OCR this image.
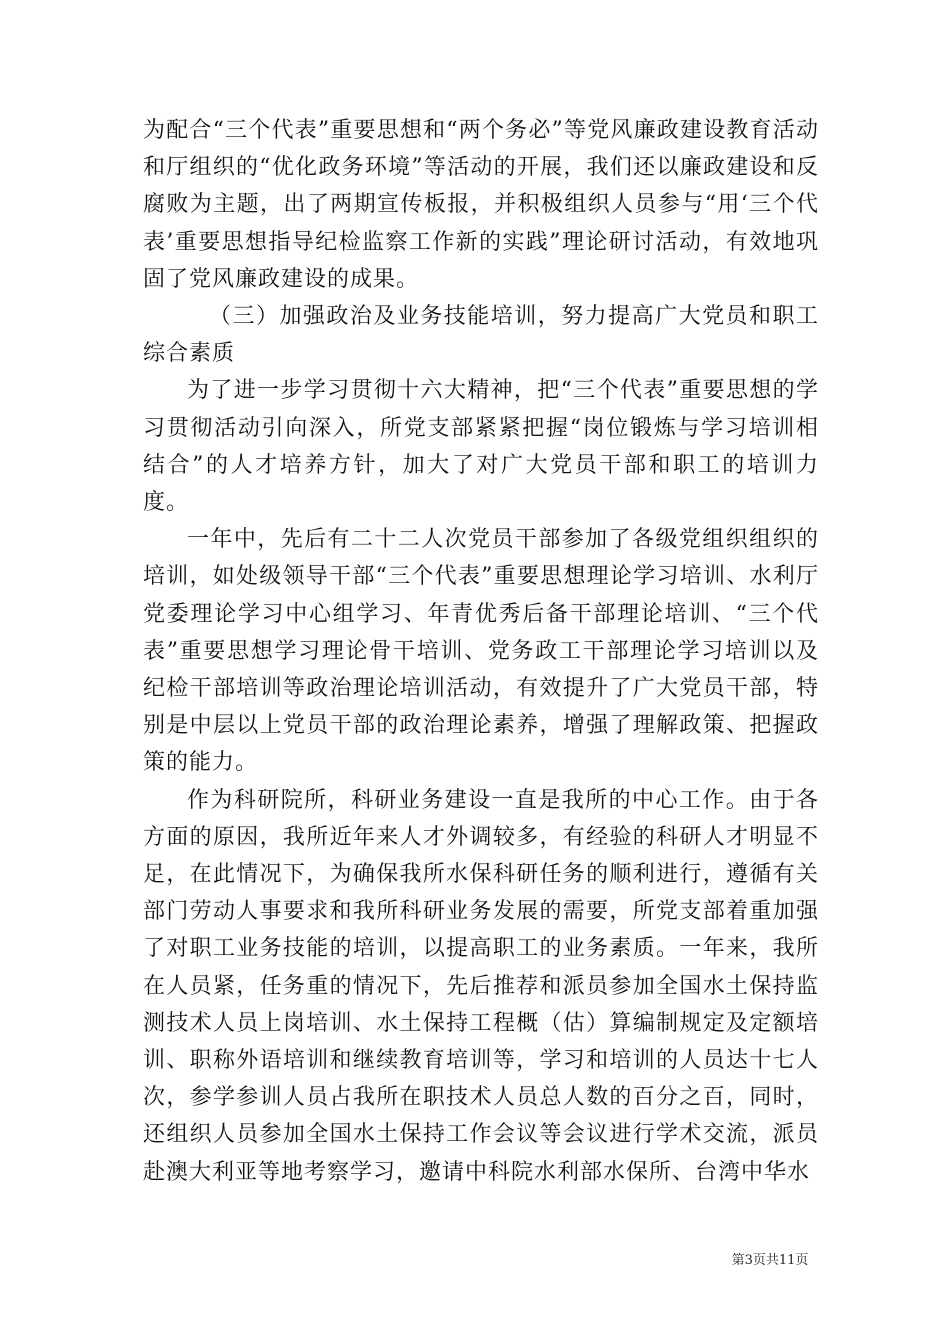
为配合“三个代表”重要思想和“两个务必”等党风廉政建设教育活动和厅组织的“优化政务环境”等活动的开展，我们还以廉政建设和反腐败为主题，出了两期宣传板报，并积极组织人员参与“用‘三个代表’重要思想指导纪检监察工作新的实践”理论研讨活动，有效地巩固了党风廉政建设的成果。

（三）加强政治及业务技能培训，努力提高广大党员和职工综合素质

为了进一步学习贯彻十六大精神，把“三个代表”重要思想的学习贯彻活动引向深入，所党支部紧紧把握“岗位锻炼与学习培训相结合”的人才培养方针，加大了对广大党员干部和职工的培训力度。

一年中，先后有二十二人次党员干部参加了各级党组织组织的培训，如处级领导干部“三个代表”重要思想理论学习培训、水利厅党委理论学习中心组学习、年青优秀后备干部理论培训、“三个代表”重要思想学习理论骨干培训、党务政工干部理论学习培训以及纪检干部培训等政治理论培训活动，有效提升了广大党员干部，特别是中层以上党员干部的政治理论素养，增强了理解政策、把握政策的能力。

作为科研院所，科研业务建设一直是我所的中心工作。由于各方面的原因，我所近年来人才外调较多，有经验的科研人才明显不足，在此情况下，为确保我所水保科研任务的顺利进行，遵循有关部门劳动人事要求和我所科研业务发展的需要，所党支部着重加强了对职工业务技能的培训，以提高职工的业务素质。一年来，我所在人员紧，任务重的情况下，先后推荐和派员参加全国水土保持监测技术人员上岗培训、水土保持工程概（估）算编制规定及定额培训、职称外语培训和继续教育培训等，学习和培训的人员达十七人次，参学参训人员占我所在职技术人员总人数的百分之百，同时，还组织人员参加全国水土保持工作会议等会议进行学术交流，派员赴澳大利亚等地考察学习，邀请中科院水利部水保所、台湾中华水

第3页共11页
